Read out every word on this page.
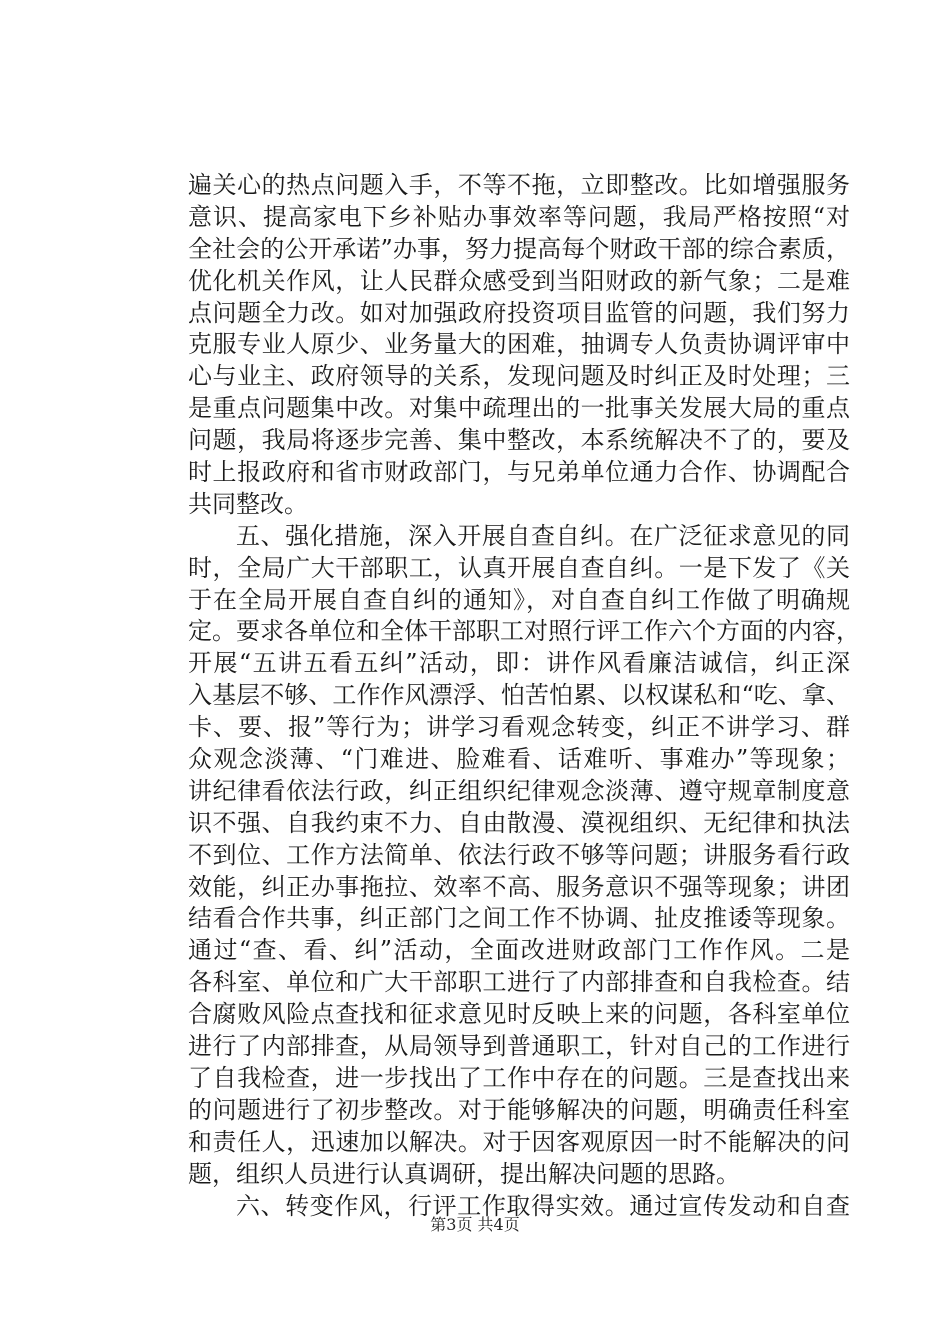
遍关心的热点问题入手，不等不拖，立即整改。比如增强服务
意识、提高家电下乡补贴办事效率等问题，我局严格按照“对
全社会的公开承诺”办事，努力提高每个财政干部的综合素质，
优化机关作风，让人民群众感受到当阳财政的新气象；二是难
点问题全力改。如对加强政府投资项目监管的问题，我们努力
克服专业人原少、业务量大的困难，抽调专人负责协调评审中
心与业主、政府领导的关系，发现问题及时纠正及时处理；三
是重点问题集中改。对集中疏理出的一批事关发展大局的重点
问题，我局将逐步完善、集中整改，本系统解决不了的，要及
时上报政府和省市财政部门，与兄弟单位通力合作、协调配合
共同整改。
五、强化措施，深入开展自查自纠。在广泛征求意见的同
时，全局广大干部职工，认真开展自查自纠。一是下发了《关
于在全局开展自查自纠的通知》，对自查自纠工作做了明确规
定。要求各单位和全体干部职工对照行评工作六个方面的内容，
开展“五讲五看五纠”活动，即：讲作风看廉洁诚信，纠正深
入基层不够、工作作风漂浮、怕苦怕累、以权谋私和“吃、拿、
卡、要、报”等行为；讲学习看观念转变，纠正不讲学习、群
众观念淡薄、“门难进、脸难看、话难听、事难办”等现象；
讲纪律看依法行政，纠正组织纪律观念淡薄、遵守规章制度意
识不强、自我约束不力、自由散漫、漠视组织、无纪律和执法
不到位、工作方法简单、依法行政不够等问题；讲服务看行政
效能，纠正办事拖拉、效率不高、服务意识不强等现象；讲团
结看合作共事，纠正部门之间工作不协调、扯皮推诿等现象。
通过“查、看、纠”活动，全面改进财政部门工作作风。二是
各科室、单位和广大干部职工进行了内部排查和自我检查。结
合腐败风险点查找和征求意见时反映上来的问题，各科室单位
进行了内部排查，从局领导到普通职工，针对自己的工作进行
了自我检查，进一步找出了工作中存在的问题。三是查找出来
的问题进行了初步整改。对于能够解决的问题，明确责任科室
和责任人，迅速加以解决。对于因客观原因一时不能解决的问
题，组织人员进行认真调研，提出解决问题的思路。
六、转变作风，行评工作取得实效。通过宣传发动和自查
第3页 共4页
